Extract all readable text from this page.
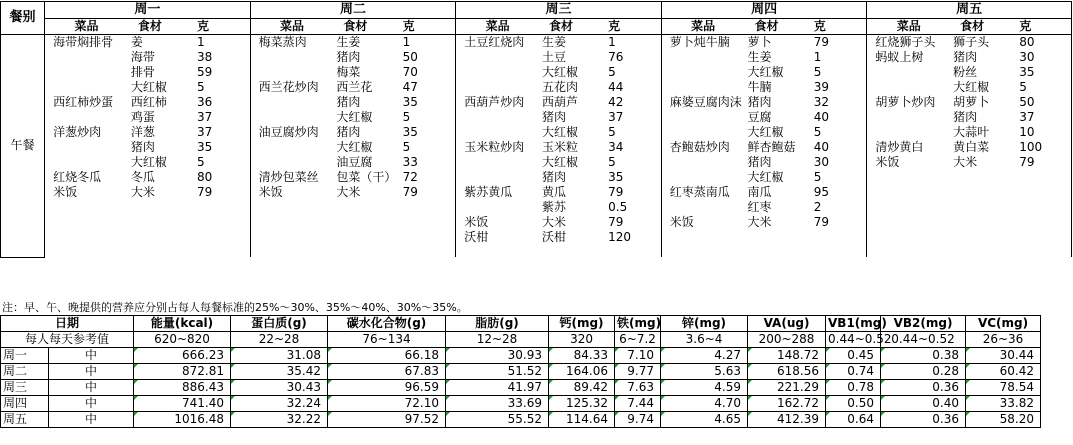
餐别	周一			周二			周三			周四			周五		
	菜品	食材	克	菜品	食材	克	菜品	食材	克	菜品	食材	克	菜品	食材	克
午餐	海带焖排骨	姜	1	梅菜蒸肉	生姜	1	土豆红烧肉	生姜	1	萝卜炖牛腩	萝卜	79	红烧狮子头	狮子头	80
		海带	38		猪肉	50		土豆	76		生姜	1	蚂蚁上树	猪肉	30
		排骨	59		梅菜	70		大红椒	5		大红椒	5		粉丝	35
		大红椒	5	西兰花炒肉	西兰花	47		五花肉	44		牛腩	39		大红椒	5
	西红柿炒蛋	西红柿	36		猪肉	35	西葫芦炒肉	西葫芦	42	麻婆豆腐肉沫	猪肉	32	胡萝卜炒肉	胡萝卜	50
		鸡蛋	37		大红椒	5		猪肉	37		豆腐	40		猪肉	37
	洋葱炒肉	洋葱	37	油豆腐炒肉	猪肉	35		大红椒	5		大红椒	5		大蒜叶	10
		猪肉	35		大红椒	5	玉米粒炒肉	玉米粒	34	杏鲍菇炒肉	鲜杏鲍菇	40	清炒黄白	黄白菜	100
		大红椒	5		油豆腐	33		大红椒	5		猪肉	30	米饭	大米	79
	红烧冬瓜	冬瓜	80	清炒包菜丝	包菜（干）	72		猪肉	35		大红椒	5			
	米饭	大米	79	米饭	大米	79	紫苏黄瓜	黄瓜	79	红枣蒸南瓜	南瓜	95			
								紫苏	0.5		红枣	2			
							米饭	大米	79	米饭	大米	79			
							沃柑	沃柑	120						

注：早、午、晚提供的营养应分别占每人每餐标准的25%～30%、35%～40%、30%～35%。
日期		能量(kcal)	蛋白质(g)	碳水化合物(g)	脂肪(g)	钙(mg)	铁(mg)	锌(mg)	VA(ug)	VB1(mg)	VB2(mg)	VC(mg)
每人每天参考值		620~820	22~28	76~134	12~28	320	6~7.2	3.6~4	200~288	0.44~0.52	0.44~0.52	26~36
周一	中	666.23	31.08	66.18	30.93	84.33	7.10	4.27	148.72	0.45	0.38	30.44
周二	中	872.81	35.42	67.83	51.52	164.06	9.77	5.63	618.56	0.74	0.28	60.42
周三	中	886.43	30.43	96.59	41.97	89.42	7.63	4.59	221.29	0.78	0.36	78.54
周四	中	741.40	32.24	72.10	33.69	125.32	7.44	4.70	162.72	0.50	0.40	33.82
周五	中	1016.48	32.22	97.52	55.52	114.64	9.74	4.65	412.39	0.64	0.36	58.20
